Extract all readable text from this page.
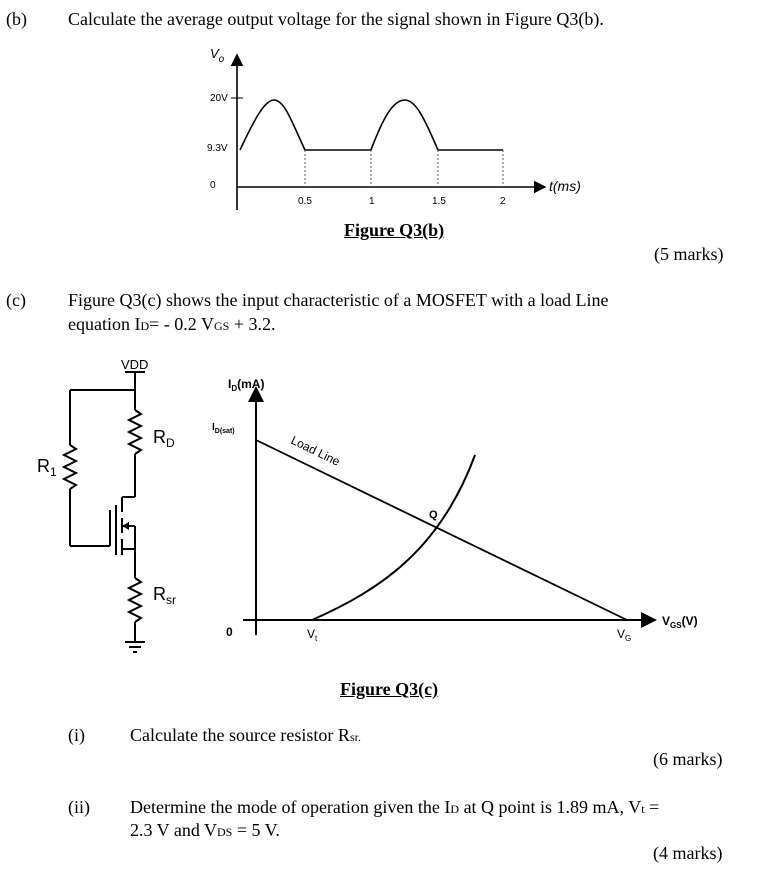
(b) Calculate the average output voltage for the signal shown in Figure Q3(b).
$V_o$
20V
9.3V
0
0.5	1	1.5	2
t(ms)
Figure Q3(b)
(5 marks)
(c) Figure Q3(c) shows the input characteristic of a MOSFET with a load Line
equation ID= - 0.2 VGS + 3.2.
VDD
$R_1$
$R_D$
$R_{sr}$
$I_D(mA)$
$I_{D(sat)}$
Load Line
Q
0	$V_t$	$V_G$
$V_{GS}(V)$
Figure Q3(c)
(i)	Calculate the source resistor Rsr.
(6 marks)
(ii) Determine the mode of operation given the ID at Q point is 1.89 mA, Vt =
2.3 V and VDS = 5 V.
(4 marks)
